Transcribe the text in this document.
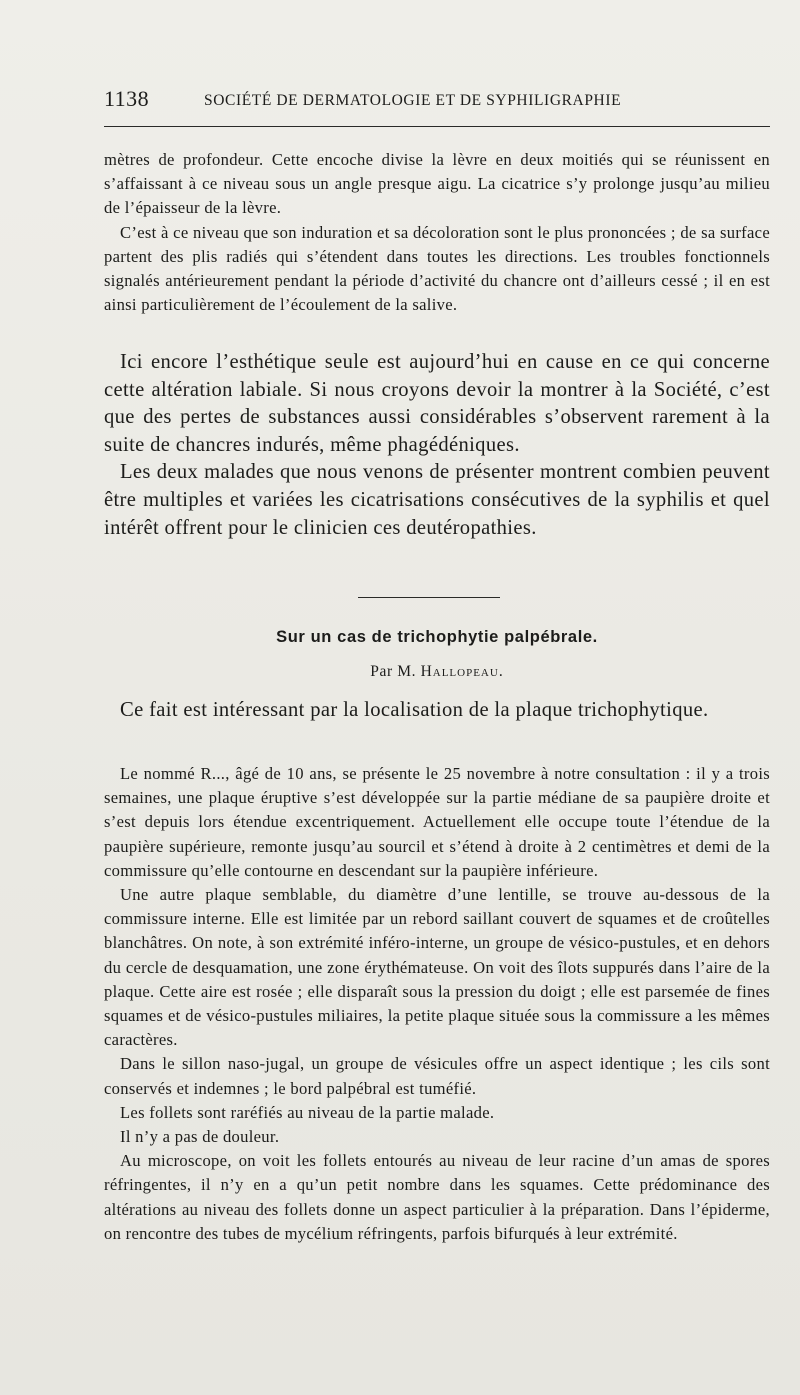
1138	SOCIÉTÉ DE DERMATOLOGIE ET DE SYPHILIGRAPHIE

mètres de profondeur. Cette encoche divise la lèvre en deux moitiés qui se réunissent en s’affaissant à ce niveau sous un angle presque aigu. La cicatrice s’y prolonge jusqu’au milieu de l’épaisseur de la lèvre.

C’est à ce niveau que son induration et sa décoloration sont le plus prononcées ; de sa surface partent des plis radiés qui s’étendent dans toutes les directions. Les troubles fonctionnels signalés antérieurement pendant la période d’activité du chancre ont d’ailleurs cessé ; il en est ainsi particulièrement de l’écoulement de la salive.

Ici encore l’esthétique seule est aujourd’hui en cause en ce qui concerne cette altération labiale. Si nous croyons devoir la montrer à la Société, c’est que des pertes de substances aussi considérables s’observent rarement à la suite de chancres indurés, même phagédéniques.

Les deux malades que nous venons de présenter montrent combien peuvent être multiples et variées les cicatrisations consécutives de la syphilis et quel intérêt offrent pour le clinicien ces deutéropathies.

Sur un cas de trichophytie palpébrale.
Par M. Hallopeau.

Ce fait est intéressant par la localisation de la plaque trichophytique.

Le nommé R..., âgé de 10 ans, se présente le 25 novembre à notre consultation : il y a trois semaines, une plaque éruptive s’est développée sur la partie médiane de sa paupière droite et s’est depuis lors étendue excentriquement. Actuellement elle occupe toute l’étendue de la paupière supérieure, remonte jusqu’au sourcil et s’étend à droite à 2 centimètres et demi de la commissure qu’elle contourne en descendant sur la paupière inférieure.

Une autre plaque semblable, du diamètre d’une lentille, se trouve au-dessous de la commissure interne. Elle est limitée par un rebord saillant couvert de squames et de croûtelles blanchâtres. On note, à son extrémité inféro-interne, un groupe de vésico-pustules, et en dehors du cercle de desquamation, une zone érythémateuse. On voit des îlots suppurés dans l’aire de la plaque. Cette aire est rosée ; elle disparaît sous la pression du doigt ; elle est parsemée de fines squames et de vésico-pustules miliaires, la petite plaque située sous la commissure a les mêmes caractères.

Dans le sillon naso-jugal, un groupe de vésicules offre un aspect identique ; les cils sont conservés et indemnes ; le bord palpébral est tuméfié.

Les follets sont raréfiés au niveau de la partie malade.

Il n’y a pas de douleur.

Au microscope, on voit les follets entourés au niveau de leur racine d’un amas de spores réfringentes, il n’y en a qu’un petit nombre dans les squames. Cette prédominance des altérations au niveau des follets donne un aspect particulier à la préparation. Dans l’épiderme, on rencontre des tubes de mycélium réfringents, parfois bifurqués à leur extrémité.
